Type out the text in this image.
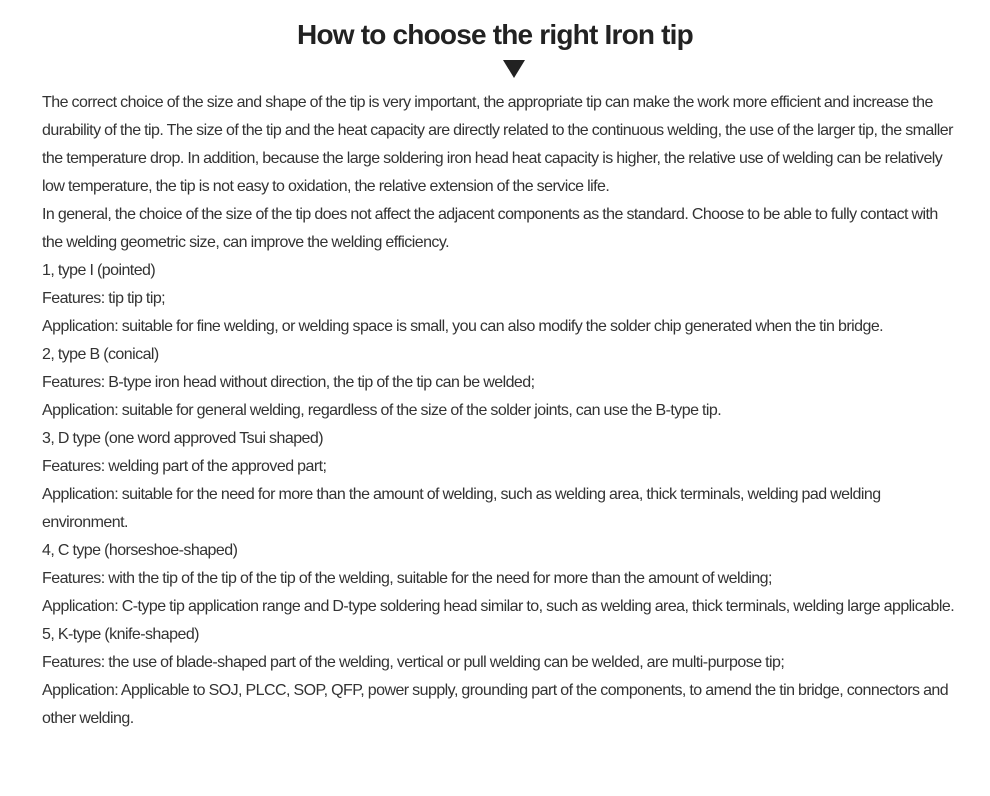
How to choose the right Iron tip

The correct choice of the size and shape of the tip is very important, the appropriate tip can make the work more efficient and increase the durability of the tip. The size of the tip and the heat capacity are directly related to the continuous welding, the use of the larger tip, the smaller the temperature drop. In addition, because the large soldering iron head heat capacity is higher, the relative use of welding can be relatively low temperature, the tip is not easy to oxidation, the relative extension of the service life.

In general, the choice of the size of the tip does not affect the adjacent components as the standard. Choose to be able to fully contact with the welding geometric size, can improve the welding efficiency.

1, type I (pointed)

Features: tip tip tip;

Application: suitable for fine welding, or welding space is small, you can also modify the solder chip generated when the tin bridge.

2, type B (conical)

Features: B-type iron head without direction, the tip of the tip can be welded;

Application: suitable for general welding, regardless of the size of the solder joints, can use the B-type tip.

3, D type (one word approved Tsui shaped)

Features: welding part of the approved part;

Application: suitable for the need for more than the amount of welding, such as welding area, thick terminals, welding pad welding environment.

4, C type (horseshoe-shaped)

Features: with the tip of the tip of the tip of the welding, suitable for the need for more than the amount of welding;

Application: C-type tip application range and D-type soldering head similar to, such as welding area, thick terminals, welding large applicable.

5, K-type (knife-shaped)

Features: the use of blade-shaped part of the welding, vertical or pull welding can be welded, are multi-purpose tip;

Application: Applicable to SOJ, PLCC, SOP, QFP, power supply, grounding part of the components, to amend the tin bridge, connectors and other welding.
